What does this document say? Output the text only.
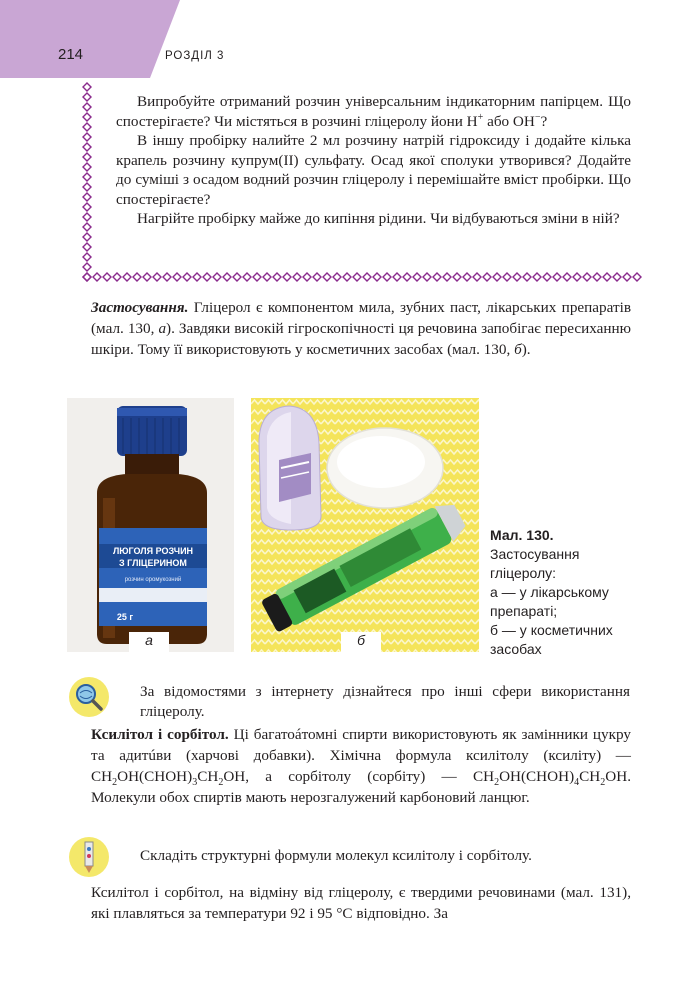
214	РОЗДІЛ 3

Випробуйте отриманий розчин універсальним індикаторним папірцем. Що спостерігаєте? Чи містяться в розчині гліцеролу йони H+ або OH−?

В іншу пробірку налийте 2 мл розчину натрій гідроксиду і додайте кілька крапель розчину купрум(II) сульфату. Осад якої сполуки утворився? Додайте до суміші з осадом водний розчин гліцеролу і перемішайте вміст пробірки. Що спостерігаєте?

Нагрійте пробірку майже до кипіння рідини. Чи відбуваються зміни в ній?

Застосування. Гліцерол є компонентом мила, зубних паст, лікарських препаратів (мал. 130, а). Завдяки високій гігроскопічності ця речовина запобігає пересиханню шкіри. Тому її використовують у косметичних засобах (мал. 130, б).

ЛЮГОЛЯ РОЗЧИН
З ГЛІЦЕРИНОМ
розчин оромукозний
25 г
а	б
Мал. 130.
Застосування
гліцеролу:
а — у лікарському
препараті;
б — у косметичних
засобах
За відомостями з інтернету дізнайтеся про інші сфери використання гліцеролу.

Ксилітол і сорбітол. Ці багатоáтомні спирти використовують як замінники цукру та адитúви (харчові добавки). Хімічна формула ксилітолу (ксиліту) — $CH_2OH(CHOH)_3CH_2OH$, а сорбітолу (сорбіту) — $CH_2OH(CHOH)_4CH_2OH$. Молекули обох спиртів мають нерозгалужений карбоновий ланцюг.

Складіть структурні формули молекул ксилітолу і сорбітолу.

Ксилітол і сорбітол, на відміну від гліцеролу, є твердими речовинами (мал. 131), які плавляться за температури 92 і 95 °C відповідно. За
